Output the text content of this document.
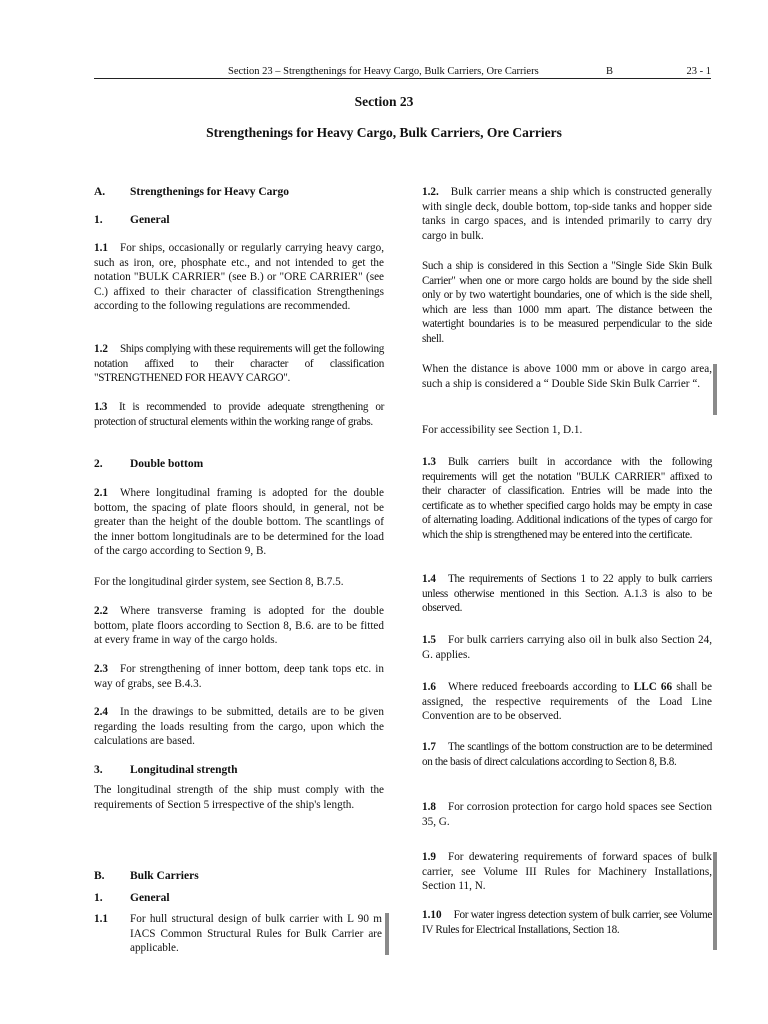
Section 23 – Strengthenings for Heavy Cargo, Bulk Carriers, Ore Carriers	B	23 - 1
Section 23
Strengthenings for Heavy Cargo, Bulk Carriers, Ore Carriers
A. Strengthenings for Heavy Cargo
1. General

1.1 For ships, occasionally or regularly carrying heavy cargo, such as iron, ore, phosphate etc., and not intended to get the notation "BULK CARRIER" (see B.) or "ORE CARRIER" (see C.) affixed to their character of classification Strengthenings according to the following regulations are recommended.

1.2 Ships complying with these requirements will get the following notation affixed to their character of classification "STRENGTHENED FOR HEAVY CARGO".

1.3 It is recommended to provide adequate strengthening or protection of structural elements within the working range of grabs.

2. Double bottom

2.1 Where longitudinal framing is adopted for the double bottom, the spacing of plate floors should, in general, not be greater than the height of the double bottom. The scantlings of the inner bottom longitudinals are to be determined for the load of the cargo according to Section 9, B.

For the longitudinal girder system, see Section 8, B.7.5.

2.2 Where transverse framing is adopted for the double bottom, plate floors according to Section 8, B.6. are to be fitted at every frame in way of the cargo holds.

2.3 For strengthening of inner bottom, deep tank tops etc. in way of grabs, see B.4.3.

2.4 In the drawings to be submitted, details are to be given regarding the loads resulting from the cargo, upon which the calculations are based.

3. Longitudinal strength

The longitudinal strength of the ship must comply with the requirements of Section 5 irrespective of the ship's length.

B. Bulk Carriers
1. General

1.1 For hull structural design of bulk carrier with L 90 m IACS Common Structural Rules for Bulk Carrier are applicable.

1.2. Bulk carrier means a ship which is constructed generally with single deck, double bottom, top-side tanks and hopper side tanks in cargo spaces, and is intended primarily to carry dry cargo in bulk.

Such a ship is considered in this Section a "Single Side Skin Bulk Carrier" when one or more cargo holds are bound by the side shell only or by two watertight boundaries, one of which is the side shell, which are less than 1000 mm apart. The distance between the watertight boundaries is to be measured perpendicular to the side shell.

When the distance is above 1000 mm or above in cargo area, such a ship is considered a “ Double Side Skin Bulk Carrier “.

For accessibility see Section 1, D.1.

1.3 Bulk carriers built in accordance with the following requirements will get the notation "BULK CARRIER" affixed to their character of classification. Entries will be made into the certificate as to whether specified cargo holds may be empty in case of alternating loading. Additional indications of the types of cargo for which the ship is strengthened may be entered into the certificate.

1.4 The requirements of Sections 1 to 22 apply to bulk carriers unless otherwise mentioned in this Section. A.1.3 is also to be observed.

1.5 For bulk carriers carrying also oil in bulk also Section 24, G. applies.

1.6 Where reduced freeboards according to LLC 66 shall be assigned, the respective requirements of the Load Line Convention are to be observed.

1.7 The scantlings of the bottom construction are to be determined on the basis of direct calculations according to Section 8, B.8.

1.8 For corrosion protection for cargo hold spaces see Section 35, G.

1.9 For dewatering requirements of forward spaces of bulk carrier, see Volume III Rules for Machinery Installations, Section 11, N.

1.10 For water ingress detection system of bulk carrier, see Volume IV Rules for Electrical Installations, Section 18.
